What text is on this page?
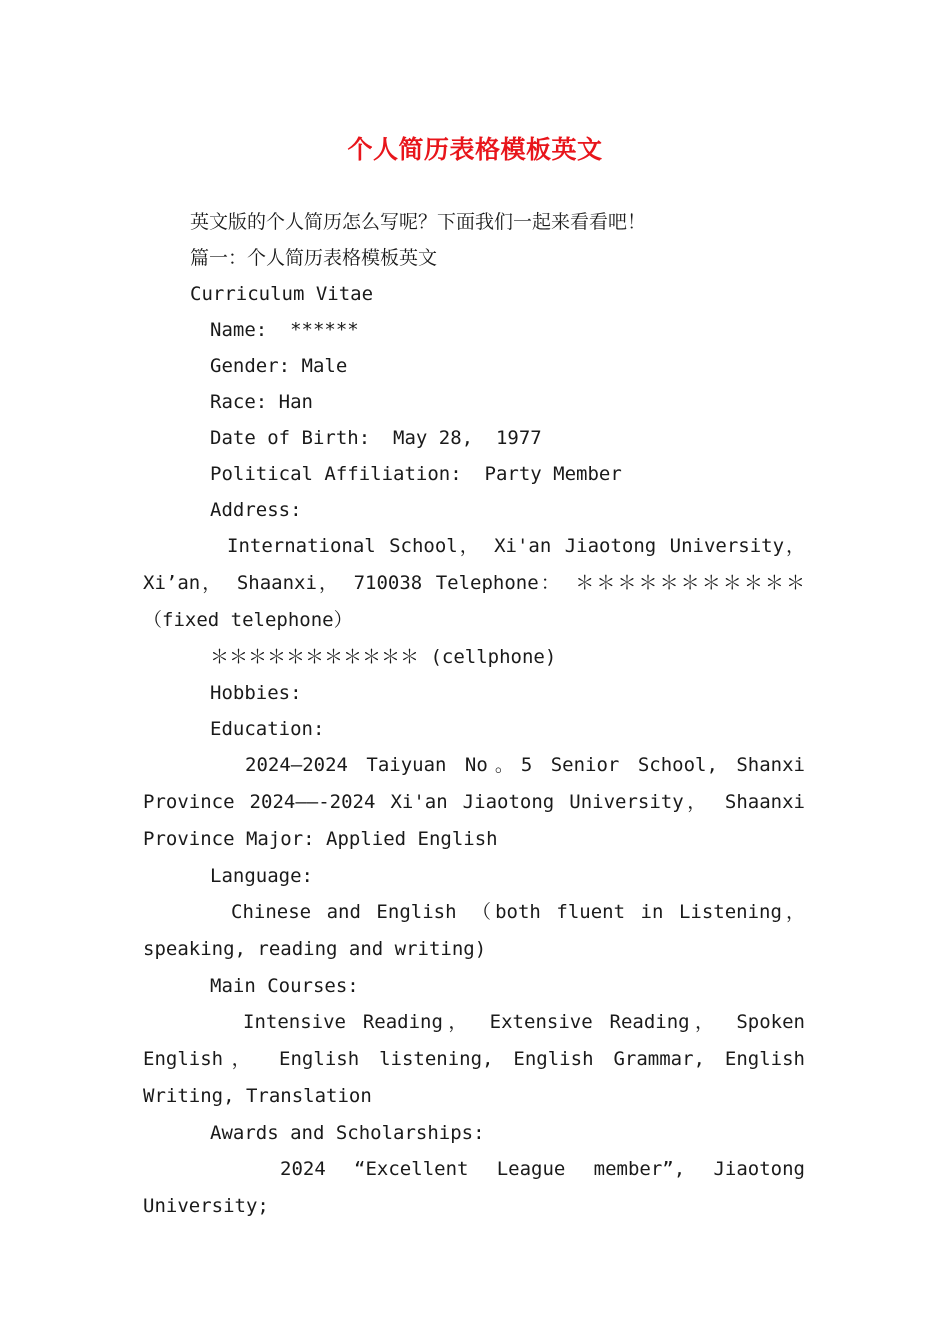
个人简历表格模板英文
英文版的个人简历怎么写呢？下面我们一起来看看吧！
篇一：个人简历表格模板英文
Curriculum Vitae
Name:  ******
Gender: Male
Race: Han
Date of Birth:  May 28,  1977
Political Affiliation:  Party Member
Address:
International School， Xi'an Jiaotong University，Xi’an， Shaanxi， 710038 Telephone： ＊＊＊＊＊＊＊＊＊＊＊（fixed telephone）
＊＊＊＊＊＊＊＊＊＊＊ (cellphone)
Hobbies:
Education:
2024—2024 Taiyuan No。5 Senior School, Shanxi Province 2024——-2024 Xi'an Jiaotong University， Shaanxi Province Major: Applied English
Language:
Chinese and English （both fluent in Listening，speaking, reading and writing)
Main Courses:
Intensive Reading， Extensive Reading， Spoken English， English listening, English Grammar, English Writing, Translation
Awards and Scholarships:
2024 “Excellent League member”, Jiaotong University;
